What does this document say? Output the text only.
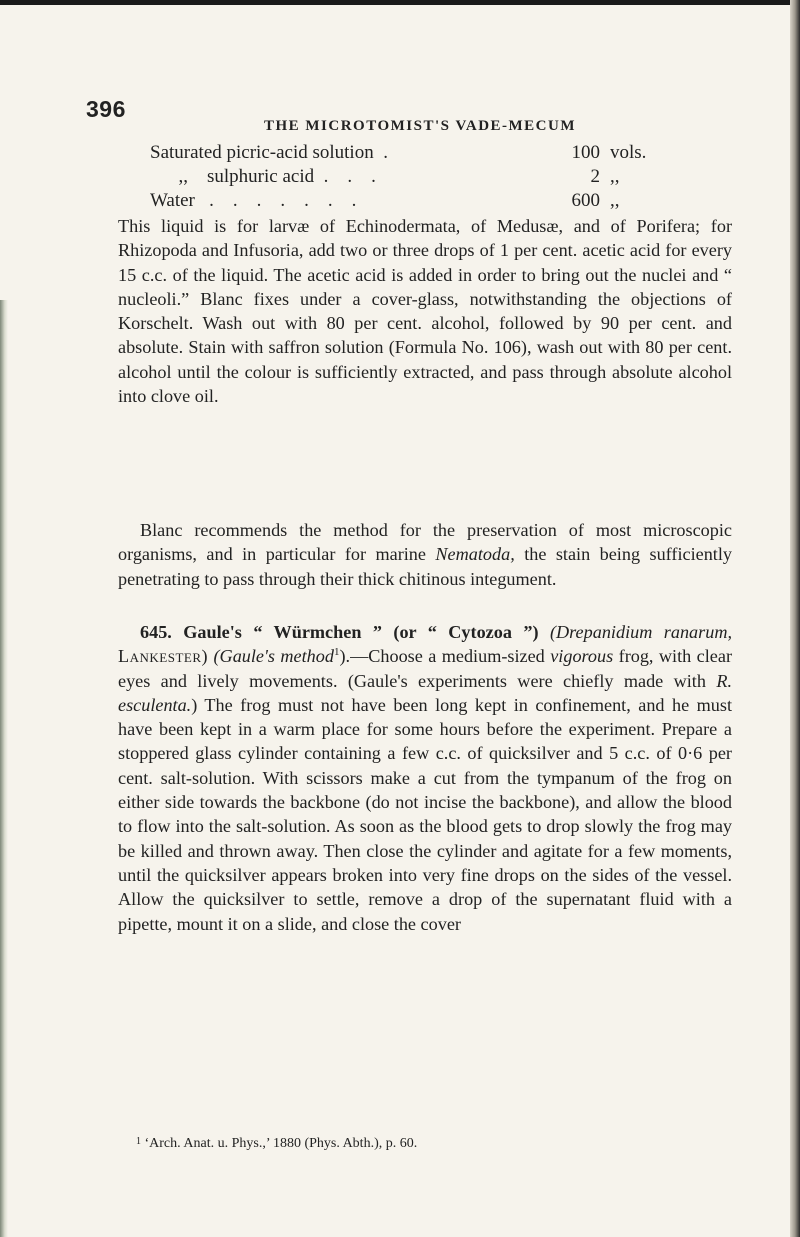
396
THE MICROTOMIST'S VADE-MECUM
Saturated picric-acid solution  .	100 vols.
,,    sulphuric acid  .    .    .	2 ,,
Water   .    .    .    .    .    .    .	600 ,,
This liquid is for larvæ of Echinodermata, of Medusæ, and of Porifera; for Rhizopoda and Infusoria, add two or three drops of 1 per cent. acetic acid for every 15 c.c. of the liquid. The acetic acid is added in order to bring out the nuclei and “ nucleoli.” Blanc fixes under a cover-glass, notwithstanding the objections of Korschelt. Wash out with 80 per cent. alcohol, followed by 90 per cent. and absolute. Stain with saffron solution (Formula No. 106), wash out with 80 per cent. alcohol until the colour is sufficiently extracted, and pass through absolute alcohol into clove oil.
Blanc recommends the method for the preservation of most microscopic organisms, and in particular for marine Nematoda, the stain being sufficiently penetrating to pass through their thick chitinous integument.
645. Gaule's “ Würmchen ” (or “ Cytozoa ”) (Drepanidium ranarum, Lankester) (Gaule's method$^1$).—Choose a medium-sized vigorous frog, with clear eyes and lively movements. (Gaule's experiments were chiefly made with R. esculenta.) The frog must not have been long kept in confinement, and he must have been kept in a warm place for some hours before the experiment. Prepare a stoppered glass cylinder containing a few c.c. of quicksilver and 5 c.c. of 0·6 per cent. salt-solution. With scissors make a cut from the tympanum of the frog on either side towards the backbone (do not incise the backbone), and allow the blood to flow into the salt-solution. As soon as the blood gets to drop slowly the frog may be killed and thrown away. Then close the cylinder and agitate for a few moments, until the quicksilver appears broken into very fine drops on the sides of the vessel. Allow the quicksilver to settle, remove a drop of the supernatant fluid with a pipette, mount it on a slide, and close the cover
$^1$ ‘Arch. Anat. u. Phys.,’ 1880 (Phys. Abth.), p. 60.
